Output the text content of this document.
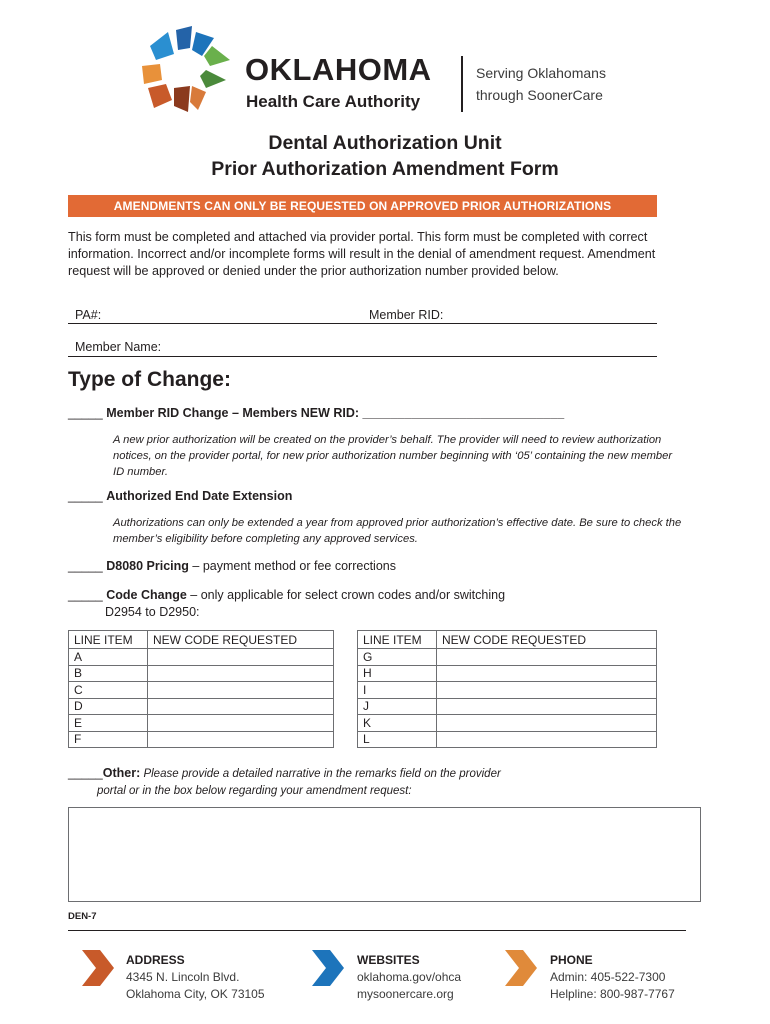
OKLAHOMA
Health Care Authority
Serving Oklahomans
through SoonerCare
Dental Authorization Unit
Prior Authorization Amendment Form
AMENDMENTS CAN ONLY BE REQUESTED ON APPROVED PRIOR AUTHORIZATIONS
This form must be completed and attached via provider portal. This form must be completed with correct information. Incorrect and/or incomplete forms will result in the denial of amendment request. Amendment request will be approved or denied under the prior authorization number provided below.
PA#:	Member RID:
Member Name:
Type of Change:
_____ Member RID Change – Members NEW RID: _____________________________
A new prior authorization will be created on the provider’s behalf. The provider will need to review authorization notices, on the provider portal, for new prior authorization number beginning with ‘05’ containing the new member ID number.
_____ Authorized End Date Extension
Authorizations can only be extended a year from approved prior authorization’s effective date. Be sure to check the member’s eligibility before completing any approved services.
_____ D8080 Pricing – payment method or fee corrections
_____ Code Change – only applicable for select crown codes and/or switching
D2954 to D2950:
LINE ITEM	NEW CODE REQUESTED
A	
B	
C	
D	
E	
F	
LINE ITEM	NEW CODE REQUESTED
G	
H	
I	
J	
K	
L	
_____Other: Please provide a detailed narrative in the remarks field on the provider
portal or in the box below regarding your amendment request:
DEN-7
ADDRESS
4345 N. Lincoln Blvd.
Oklahoma City, OK 73105
WEBSITES
oklahoma.gov/ohca
mysoonercare.org
PHONE
Admin: 405-522-7300
Helpline: 800-987-7767
